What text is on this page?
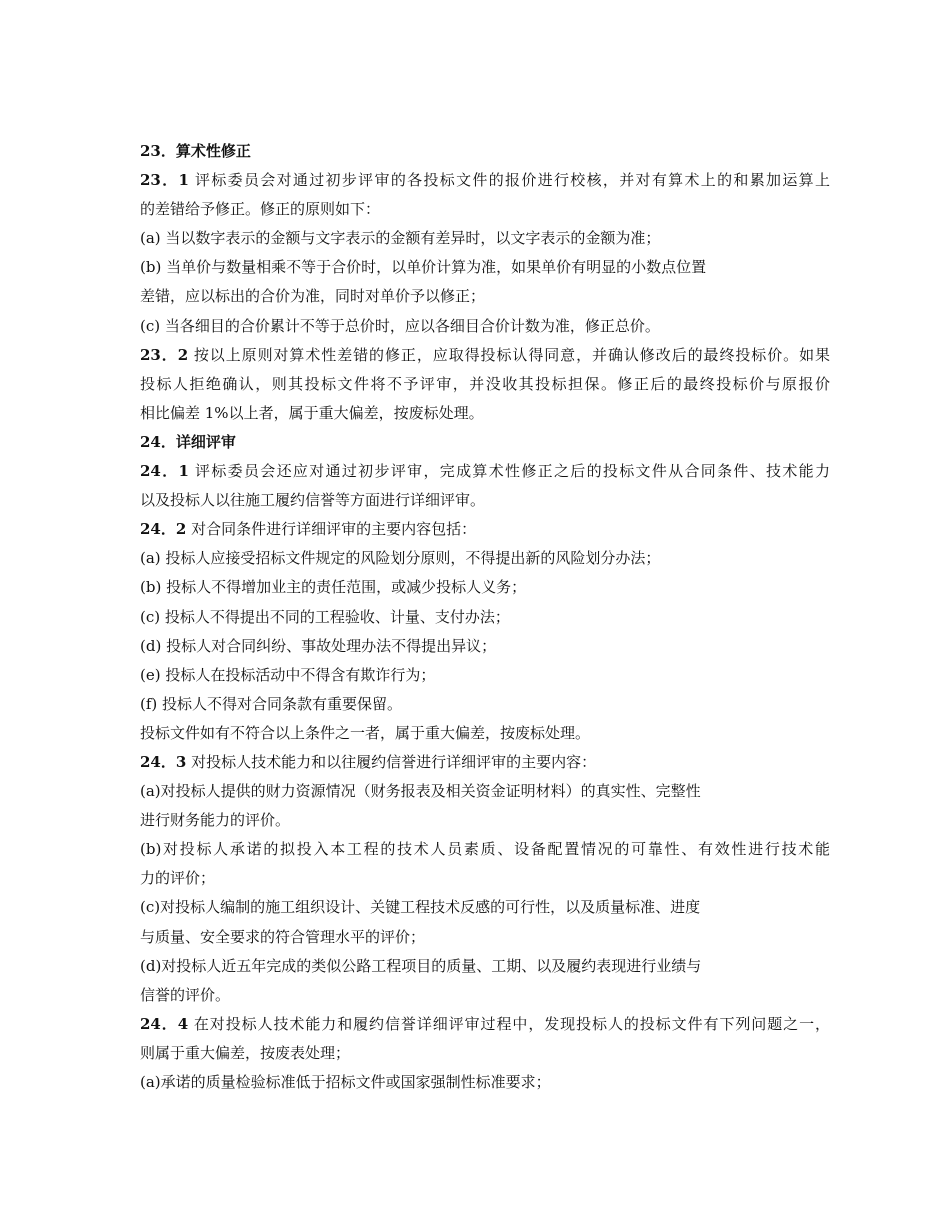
23．算术性修正
23．1 评标委员会对通过初步评审的各投标文件的报价进行校核，并对有算术上的和累加运算上
的差错给予修正。修正的原则如下：
(a) 当以数字表示的金额与文字表示的金额有差异时，以文字表示的金额为准；
(b) 当单价与数量相乘不等于合价时，以单价计算为准，如果单价有明显的小数点位置
差错，应以标出的合价为准，同时对单价予以修正；
(c) 当各细目的合价累计不等于总价时，应以各细目合价计数为准，修正总价。
23．2 按以上原则对算术性差错的修正，应取得投标认得同意，并确认修改后的最终投标价。如果
投标人拒绝确认，则其投标文件将不予评审，并没收其投标担保。修正后的最终投标价与原报价
相比偏差 1%以上者，属于重大偏差，按废标处理。
24．详细评审
24．1 评标委员会还应对通过初步评审，完成算术性修正之后的投标文件从合同条件、技术能力
以及投标人以往施工履约信誉等方面进行详细评审。
24．2 对合同条件进行详细评审的主要内容包括：
(a) 投标人应接受招标文件规定的风险划分原则，不得提出新的风险划分办法；
(b) 投标人不得增加业主的责任范围，或减少投标人义务；
(c) 投标人不得提出不同的工程验收、计量、支付办法；
(d) 投标人对合同纠纷、事故处理办法不得提出异议；
(e) 投标人在投标活动中不得含有欺诈行为；
(f) 投标人不得对合同条款有重要保留。
投标文件如有不符合以上条件之一者，属于重大偏差，按废标处理。
24．3 对投标人技术能力和以往履约信誉进行详细评审的主要内容：
(a)对投标人提供的财力资源情况（财务报表及相关资金证明材料）的真实性、完整性
进行财务能力的评价。
(b)对投标人承诺的拟投入本工程的技术人员素质、设备配置情况的可靠性、有效性进行技术能
力的评价；
(c)对投标人编制的施工组织设计、关键工程技术反感的可行性，以及质量标准、进度
与质量、安全要求的符合管理水平的评价；
(d)对投标人近五年完成的类似公路工程项目的质量、工期、以及履约表现进行业绩与
信誉的评价。
24．4 在对投标人技术能力和履约信誉详细评审过程中，发现投标人的投标文件有下列问题之一，
则属于重大偏差，按废表处理；
(a)承诺的质量检验标准低于招标文件或国家强制性标准要求；
